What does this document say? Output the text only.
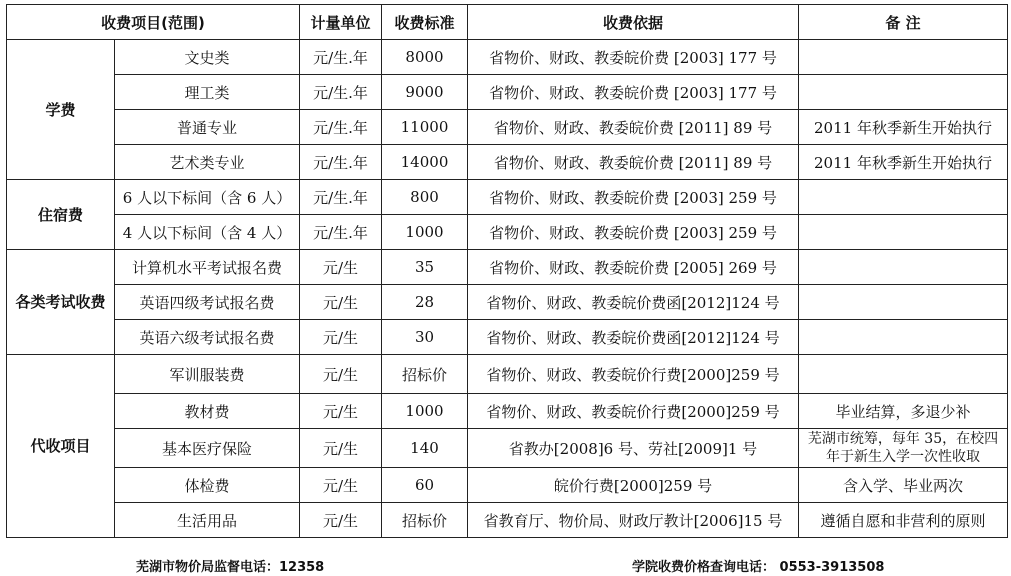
收费项目(范围)		计量单位	收费标准	收费依据	备 注
学费	文史类	元/生.年	8000	省物价、财政、教委皖价费 [2003] 177 号	
	理工类	元/生.年	9000	省物价、财政、教委皖价费 [2003] 177 号	
	普通专业	元/生.年	11000	省物价、财政、教委皖价费 [2011] 89 号	2011 年秋季新生开始执行
	艺术类专业	元/生.年	14000	省物价、财政、教委皖价费 [2011] 89 号	2011 年秋季新生开始执行
住宿费	6 人以下标间（含 6 人）	元/生.年	800	省物价、财政、教委皖价费 [2003] 259 号	
	4 人以下标间（含 4 人）	元/生.年	1000	省物价、财政、教委皖价费 [2003] 259 号	
各类考试收费	计算机水平考试报名费	元/生	35	省物价、财政、教委皖价费 [2005] 269 号	
	英语四级考试报名费	元/生	28	省物价、财政、教委皖价费函[2012]124 号	
	英语六级考试报名费	元/生	30	省物价、财政、教委皖价费函[2012]124 号	
代收项目	军训服装费	元/生	招标价	省物价、财政、教委皖价行费[2000]259 号	
	教材费	元/生	1000	省物价、财政、教委皖价行费[2000]259 号	毕业结算，多退少补
	基本医疗保险	元/生	140	省教办[2008]6 号、劳社[2009]1 号	芜湖市统筹，每年 35，在校四年于新生入学一次性收取
	体检费	元/生	60	皖价行费[2000]259 号	含入学、毕业两次
	生活用品	元/生	招标价	省教育厅、物价局、财政厅教计[2006]15 号	遵循自愿和非营利的原则
芜湖市物价局监督电话：12358	学院收费价格查询电话： 0553-3913508
